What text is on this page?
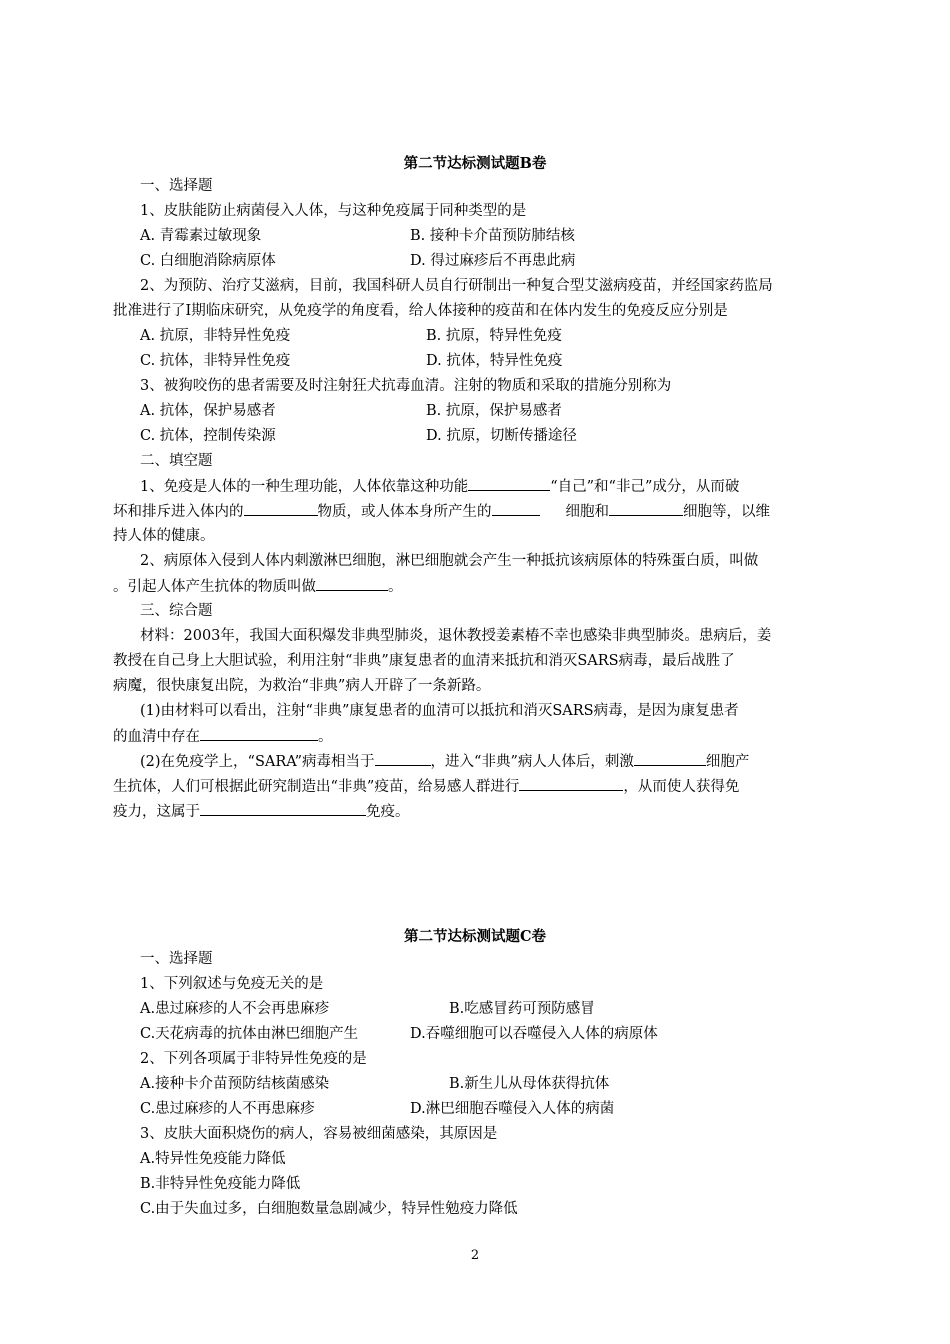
第二节达标测试题B卷
一、选择题
1、皮肤能防止病菌侵入人体，与这种免疫属于同种类型的是
A. 青霉素过敏现象	B. 接种卡介苗预防肺结核
C. 白细胞消除病原体	D. 得过麻疹后不再患此病
2、为预防、治疗艾滋病，目前，我国科研人员自行研制出一种复合型艾滋病疫苗，并经国家药监局
批准进行了Ⅰ期临床研究，从免疫学的角度看，给人体接种的疫苗和在体内发生的免疫反应分别是
A. 抗原，非特异性免疫	B. 抗原，特异性免疫
C. 抗体，非特异性免疫	D. 抗体，特异性免疫
3、被狗咬伤的患者需要及时注射狂犬抗毒血清。注射的物质和采取的措施分别称为
A. 抗体，保护易感者	B. 抗原，保护易感者
C. 抗体，控制传染源	D. 抗原，切断传播途径
二、填空题
1、免疫是人体的一种生理功能，人体依靠这种功能	“自己”和“非己”成分，从而破
坏和排斥进入体内的	物质，或人体本身所产生的	细胞和	细胞等，以维
持人体的健康。
2、病原体入侵到人体内刺激淋巴细胞，淋巴细胞就会产生一种抵抗该病原体的特殊蛋白质，叫做
。引起人体产生抗体的物质叫做	。
三、综合题
材料：2003年，我国大面积爆发非典型肺炎，退休教授姜素椿不幸也感染非典型肺炎。患病后，姜
教授在自己身上大胆试验，利用注射“非典”康复患者的血清来抵抗和消灭SARS病毒，最后战胜了
病魔，很快康复出院，为救治“非典”病人开辟了一条新路。
(1)由材料可以看出，注射“非典”康复患者的血清可以抵抗和消灭SARS病毒，是因为康复患者
的血清中存在	。
(2)在免疫学上，“SARA”病毒相当于	，进入“非典”病人人体后，刺激	细胞产
生抗体，人们可根据此研究制造出“非典”疫苗，给易感人群进行	，从而使人获得免
疫力，这属于	免疫。
第二节达标测试题C卷
一、选择题
1、下列叙述与免疫无关的是
A.患过麻疹的人不会再患麻疹	B.吃感冒药可预防感冒
C.天花病毒的抗体由淋巴细胞产生	D.吞噬细胞可以吞噬侵入人体的病原体
2、下列各项属于非特异性免疫的是
A.接种卡介苗预防结核菌感染	B.新生儿从母体获得抗体
C.患过麻疹的人不再患麻疹	D.淋巴细胞吞噬侵入人体的病菌
3、皮肤大面积烧伤的病人，容易被细菌感染，其原因是
A.特异性免疫能力降低
B.非特异性免疫能力降低
C.由于失血过多，白细胞数量急剧减少，特异性勉疫力降低
2
